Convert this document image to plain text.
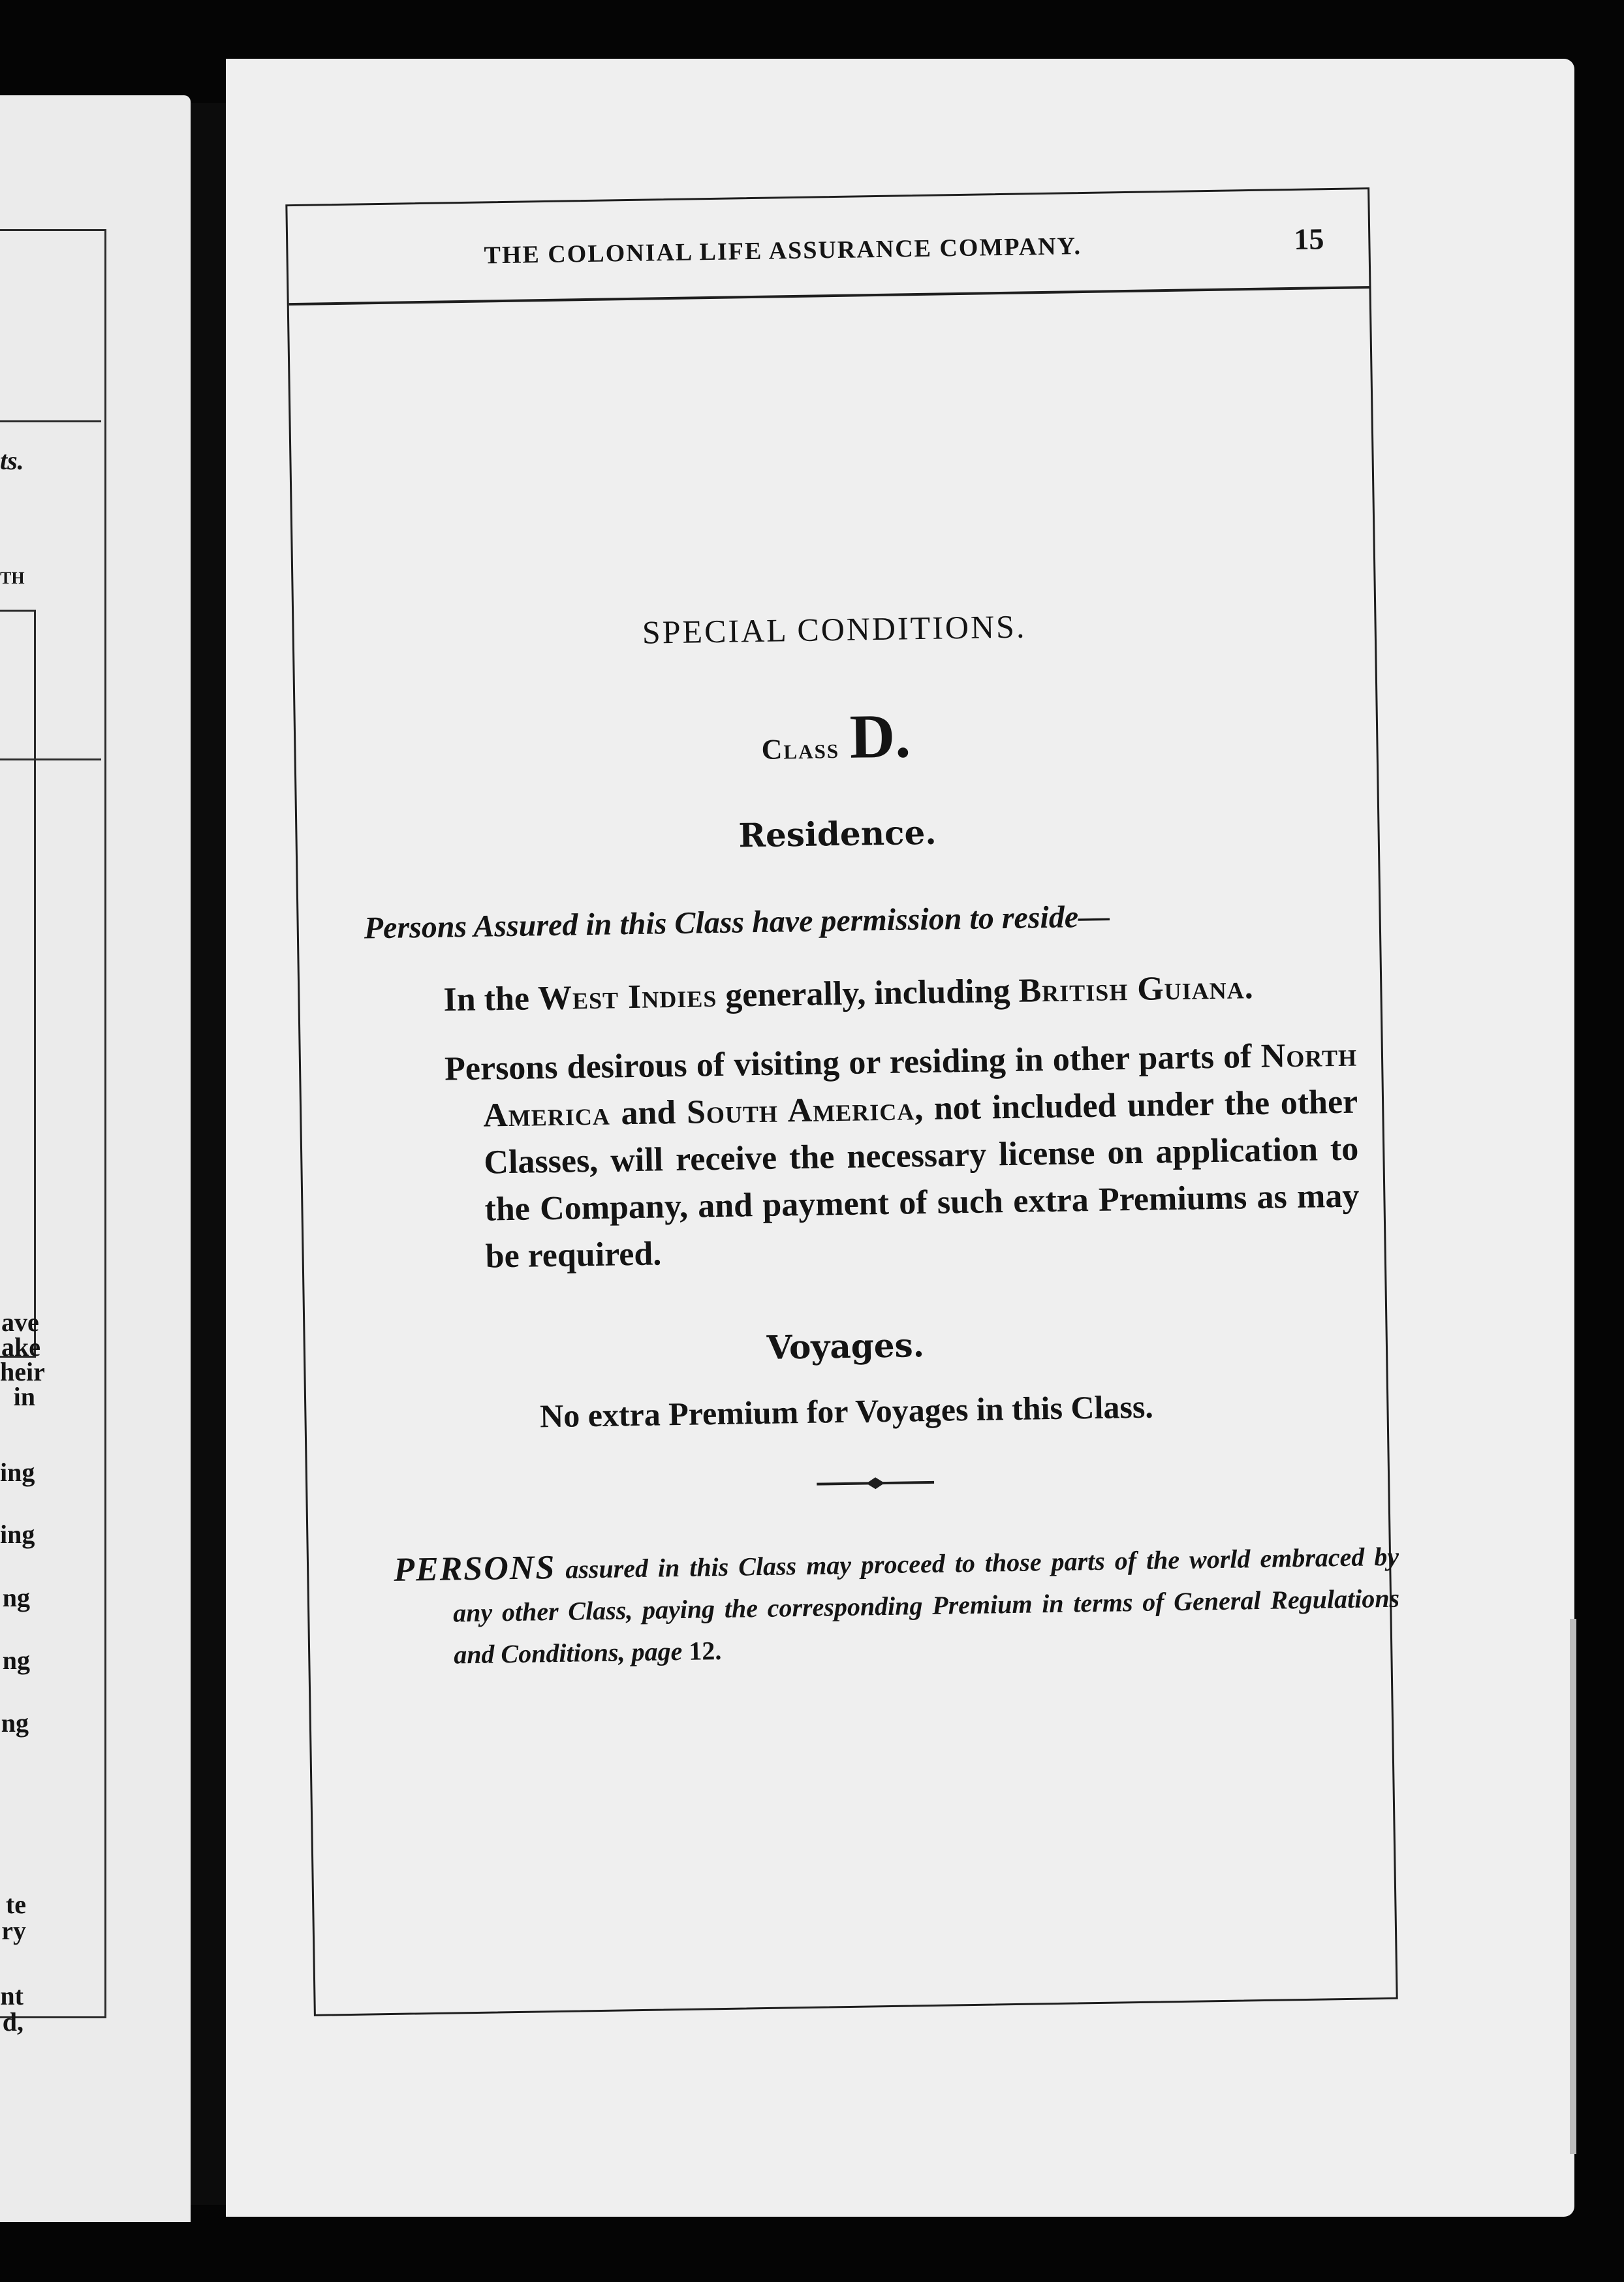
ts.
TH
ave
ake
heir
in
ing
ing
ng
ng
ng
te
ry
nt
d,
THE COLONIAL LIFE ASSURANCE COMPANY.	15
SPECIAL CONDITIONS.
Class D.
Residence.
Persons Assured in this Class have permission to reside—
In the West Indies generally, including British Guiana.
Persons desirous of visiting or residing in other parts of North America and South America, not included under the other Classes, will receive the necessary license on application to the Company, and payment of such extra Premiums as may be required.
Voyages.
No extra Premium for Voyages in this Class.
PERSONS assured in this Class may proceed to those parts of the world embraced by any other Class, paying the corresponding Premium in terms of General Regulations and Conditions, page 12.
